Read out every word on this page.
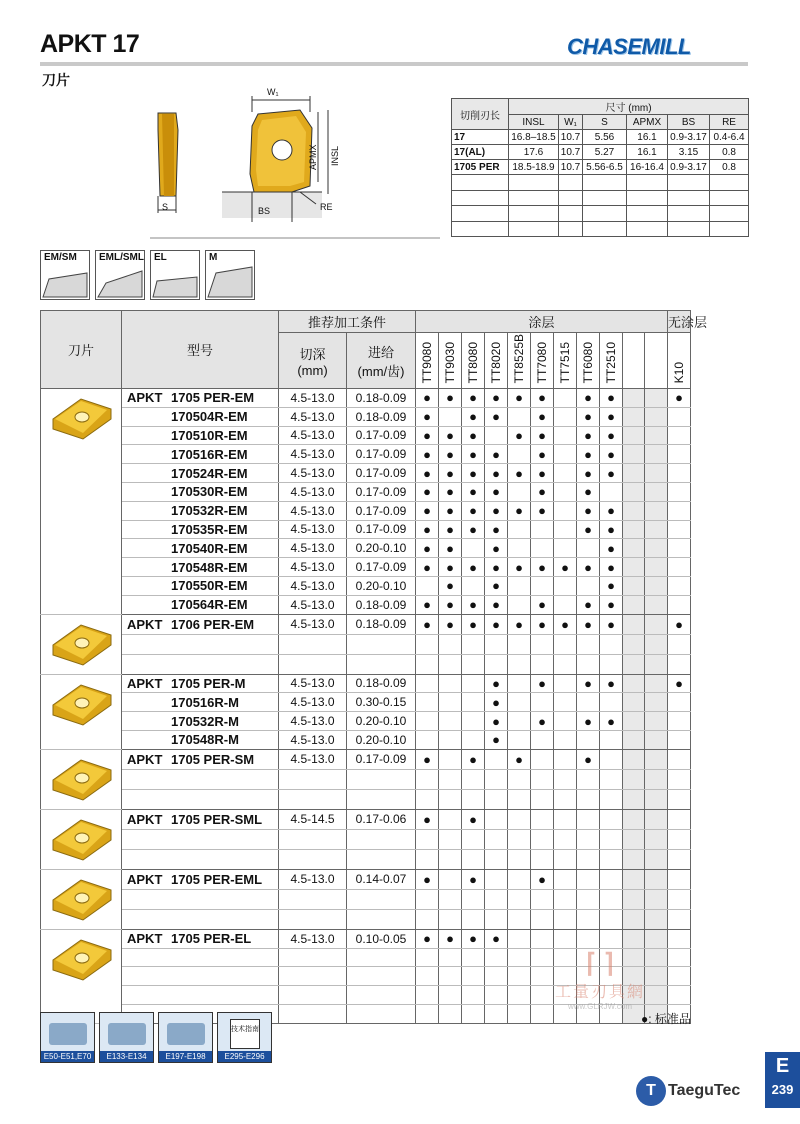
APKT 17	CHASEMILL
刀片
S
W₁
APMX INSL
BS	RE
切削刃长	尺寸 (mm)					
	INSL	W₁	S	APMX	BS	RE
17	16.8–18.5	10.7	5.56	16.1	0.9-3.17	0.4-6.4
17(AL)	17.6	10.7	5.27	16.1	3.15	0.8
1705 PER	18.5-18.9	10.7	5.56-6.5	16-16.4	0.9-3.17	0.8

EM/SM EML/SML EL	M
刀片	型号	推荐加工条件		涂层											无涂层
		切深
(mm)	进给
(mm/齿)	TT9080	TT9030	TT8080	TT8020	TT8525B	TT7080	TT7515	TT6080	TT2510			K10
	APKT 1705 PER-EM	4.5-13.0	0.18-0.09	●	●	●	●	●	●		●	●			●
	170504R-EM	4.5-13.0	0.18-0.09	●		●	●		●		●	●			
	170510R-EM	4.5-13.0	0.17-0.09	●	●	●		●	●		●	●			
	170516R-EM	4.5-13.0	0.17-0.09	●	●	●	●		●		●	●			
	170524R-EM	4.5-13.0	0.17-0.09	●	●	●	●	●	●		●	●			
	170530R-EM	4.5-13.0	0.17-0.09	●	●	●	●		●		●				
	170532R-EM	4.5-13.0	0.17-0.09	●	●	●	●	●	●		●	●			
	170535R-EM	4.5-13.0	0.17-0.09	●	●	●	●				●	●			
	170540R-EM	4.5-13.0	0.20-0.10	●	●		●					●			
	170548R-EM	4.5-13.0	0.17-0.09	●	●	●	●	●	●	●	●	●			
	170550R-EM	4.5-13.0	0.20-0.10		●		●					●			
	170564R-EM	4.5-13.0	0.18-0.09	●	●	●	●		●		●	●			
	APKT 1706 PER-EM	4.5-13.0	0.18-0.09	●	●	●	●	●	●	●	●	●			●

	APKT 1705 PER-M	4.5-13.0	0.18-0.09				●		●		●	●			●
	170516R-M	4.5-13.0	0.30-0.15				●								
	170532R-M	4.5-13.0	0.20-0.10				●		●		●	●			
	170548R-M	4.5-13.0	0.20-0.10				●								
	APKT 1705 PER-SM	4.5-13.0	0.17-0.09	●		●		●			●				

	APKT 1705 PER-SML	4.5-14.5	0.17-0.06	●		●									

	APKT 1705 PER-EML	4.5-13.0	0.14-0.07	●		●			●						

	APKT 1705 PER-EL	4.5-13.0	0.10-0.05	●	●	●	●								

●: 标准品
⌈ ⌉
工量刃具網
www.GLRJW.com
E50-E51,E70	E133-E134	E197-E198	E295-E296
技术指南
T TaeguTec
E
239
